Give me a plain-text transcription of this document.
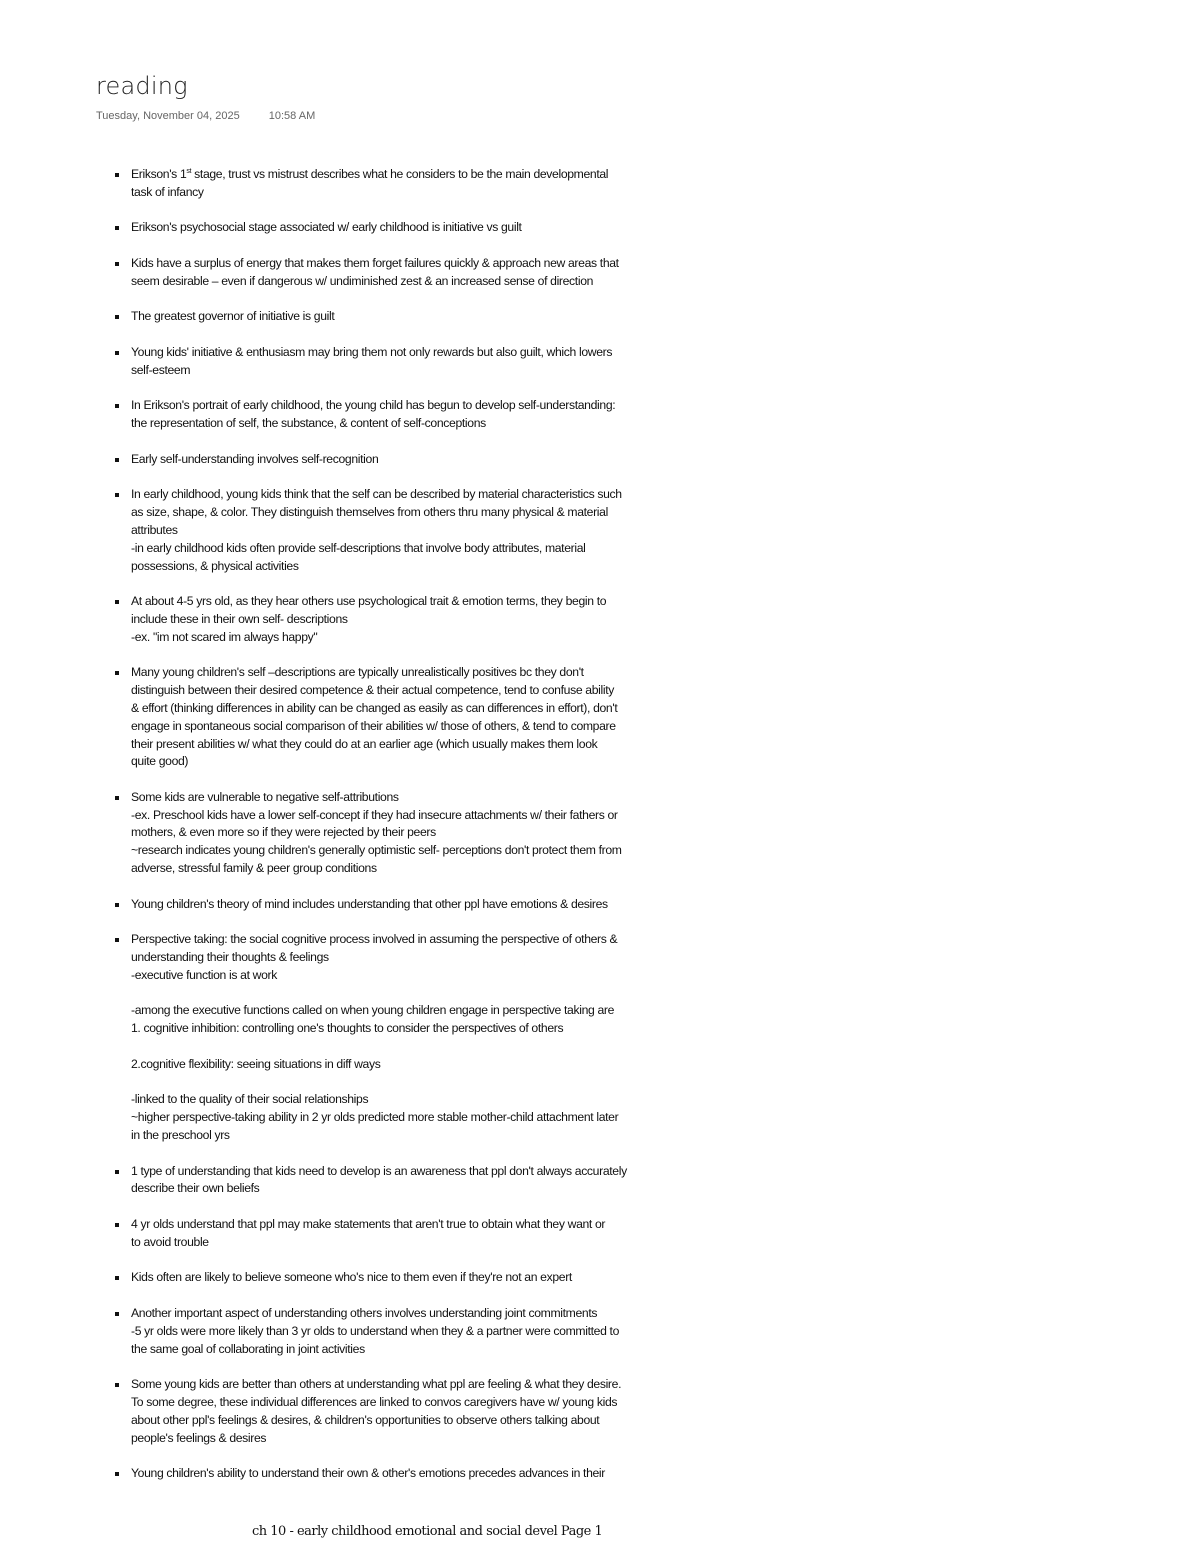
reading
Tuesday, November 04, 2025	10:58 AM
Erikson's 1st stage, trust vs mistrust describes what he considers to be the main developmental
task of infancy
Erikson's psychosocial stage associated w/ early childhood is initiative vs guilt
Kids have a surplus of energy that makes them forget failures quickly & approach new areas that
seem desirable – even if dangerous w/ undiminished zest & an increased sense of direction
The greatest governor of initiative is guilt
Young kids' initiative & enthusiasm may bring them not only rewards but also guilt, which lowers
self-esteem
In Erikson's portrait of early childhood, the young child has begun to develop self-understanding:
the representation of self, the substance, & content of self-conceptions
Early self-understanding involves self-recognition
In early childhood, young kids think that the self can be described by material characteristics such
as size, shape, & color. They distinguish themselves from others thru many physical & material
attributes
-in early childhood kids often provide self-descriptions that involve body attributes, material
possessions, & physical activities
At about 4-5 yrs old, as they hear others use psychological trait & emotion terms, they begin to
include these in their own self- descriptions
-ex. "im not scared im always happy"
Many young children's self –descriptions are typically unrealistically positives bc they don't
distinguish between their desired competence & their actual competence, tend to confuse ability
& effort (thinking differences in ability can be changed as easily as can differences in effort), don't
engage in spontaneous social comparison of their abilities w/ those of others, & tend to compare
their present abilities w/ what they could do at an earlier age (which usually makes them look
quite good)
Some kids are vulnerable to negative self-attributions
-ex. Preschool kids have a lower self-concept if they had insecure attachments w/ their fathers or
mothers, & even more so if they were rejected by their peers
~research indicates young children's generally optimistic self- perceptions don't protect them from
adverse, stressful family & peer group conditions
Young children's theory of mind includes understanding that other ppl have emotions & desires
Perspective taking: the social cognitive process involved in assuming the perspective of others &
understanding their thoughts & feelings
-executive function is at work
-among the executive functions called on when young children engage in perspective taking are
1. cognitive inhibition: controlling one's thoughts to consider the perspectives of others
2.cognitive flexibility: seeing situations in diff ways
-linked to the quality of their social relationships
~higher perspective-taking ability in 2 yr olds predicted more stable mother-child attachment later
in the preschool yrs
1 type of understanding that kids need to develop is an awareness that ppl don't always accurately
describe their own beliefs
4 yr olds understand that ppl may make statements that aren't true to obtain what they want or
to avoid trouble
Kids often are likely to believe someone who's nice to them even if they're not an expert
Another important aspect of understanding others involves understanding joint commitments
-5 yr olds were more likely than 3 yr olds to understand when they & a partner were committed to
the same goal of collaborating in joint activities
Some young kids are better than others at understanding what ppl are feeling & what they desire.
To some degree, these individual differences are linked to convos caregivers have w/ young kids
about other ppl's feelings & desires, & children's opportunities to observe others talking about
people's feelings & desires
Young children's ability to understand their own & other's emotions precedes advances in their
ch 10 - early childhood emotional and social devel Page 1
